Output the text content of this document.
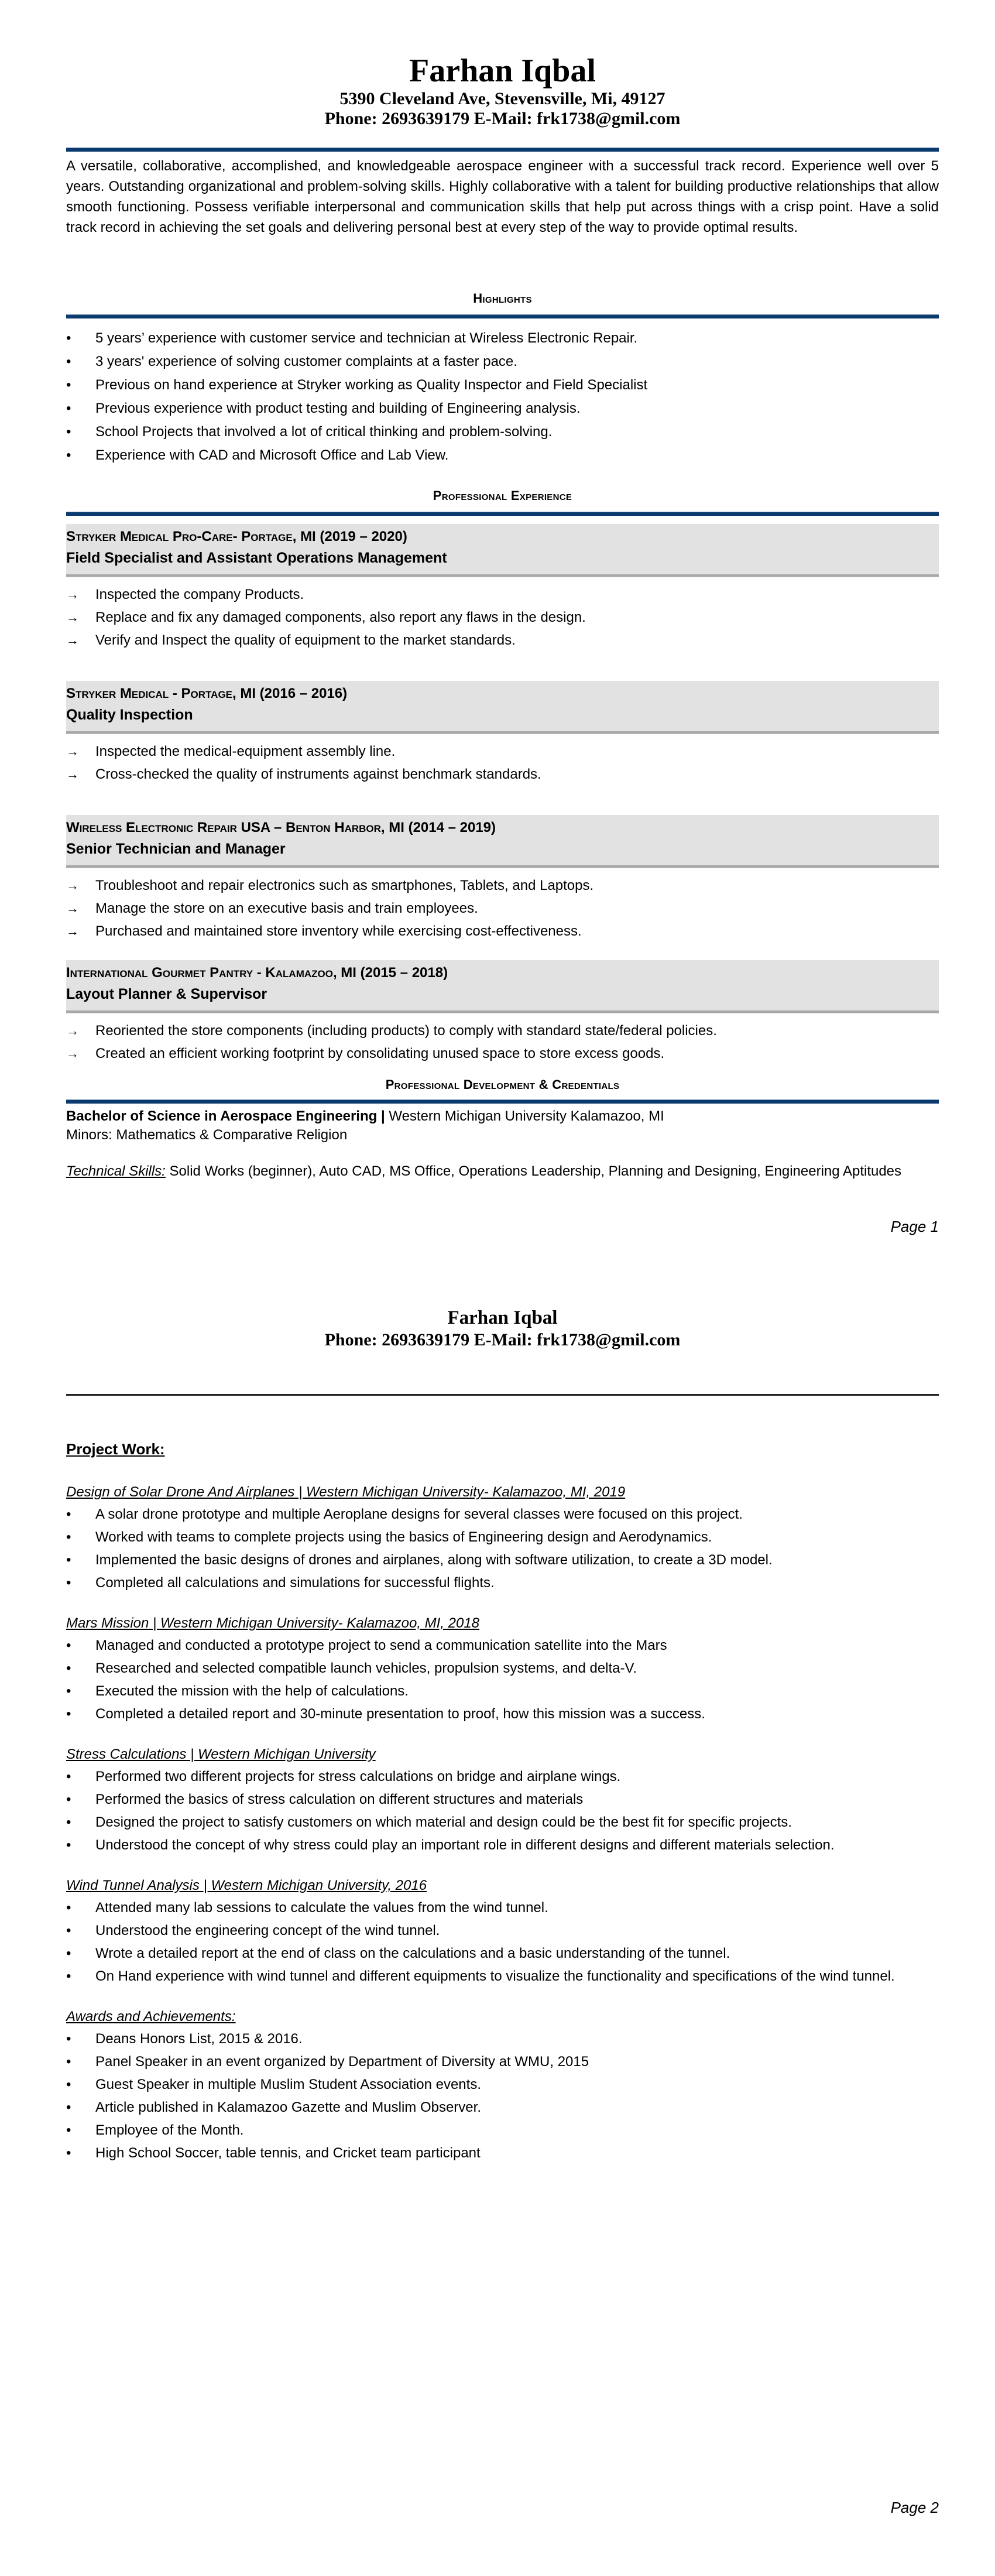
Farhan Iqbal

5390 Cleveland Ave, Stevensville, Mi, 49127

Phone: 2693639179 E-Mail: frk1738@gmil.com

A versatile, collaborative, accomplished, and knowledgeable aerospace engineer with a successful track record. Experience well over 5 years. Outstanding organizational and problem-solving skills. Highly collaborative with a talent for building productive relationships that allow smooth functioning. Possess verifiable interpersonal and communication skills that help put across things with a crisp point. Have a solid track record in achieving the set goals and delivering personal best at every step of the way to provide optimal results.

Highlights
•	5 years’ experience with customer service and technician at Wireless Electronic Repair.
•	3 years' experience of solving customer complaints at a faster pace.
•	Previous on hand experience at Stryker working as Quality Inspector and Field Specialist
•	Previous experience with product testing and building of Engineering analysis.
•	School Projects that involved a lot of critical thinking and problem-solving.
•	Experience with CAD and Microsoft Office and Lab View.
Professional Experience

Stryker Medical Pro-Care- Portage, MI (2019 – 2020)

Field Specialist and Assistant Operations Management

→	Inspected the company Products.
→	Replace and fix any damaged components, also report any flaws in the design.
→	Verify and Inspect the quality of equipment to the market standards.

Stryker Medical - Portage, MI (2016 – 2016)

Quality Inspection

→	Inspected the medical-equipment assembly line.
→	Cross-checked the quality of instruments against benchmark standards.

Wireless Electronic Repair USA – Benton Harbor, MI (2014 – 2019)

Senior Technician and Manager

→	Troubleshoot and repair electronics such as smartphones, Tablets, and Laptops.
→	Manage the store on an executive basis and train employees.
→	Purchased and maintained store inventory while exercising cost-effectiveness.

International Gourmet Pantry - Kalamazoo, MI (2015 – 2018)

Layout Planner & Supervisor

→	Reoriented the store components (including products) to comply with standard state/federal policies.
→	Created an efficient working footprint by consolidating unused space to store excess goods.
Professional Development & Credentials

Bachelor of Science in Aerospace Engineering | Western Michigan University Kalamazoo, MI

Minors: Mathematics & Comparative Religion

Technical Skills: Solid Works (beginner), Auto CAD, MS Office, Operations Leadership, Planning and Designing, Engineering Aptitudes

Page 1

Farhan Iqbal

Phone: 2693639179 E-Mail: frk1738@gmil.com

Project Work:

Design of Solar Drone And Airplanes | Western Michigan University- Kalamazoo, MI, 2019

•	A solar drone prototype and multiple Aeroplane designs for several classes were focused on this project.
•	Worked with teams to complete projects using the basics of Engineering design and Aerodynamics.
•	Implemented the basic designs of drones and airplanes, along with software utilization, to create a 3D model.
•	Completed all calculations and simulations for successful flights.

Mars Mission | Western Michigan University- Kalamazoo, MI, 2018

•	Managed and conducted a prototype project to send a communication satellite into the Mars
•	Researched and selected compatible launch vehicles, propulsion systems, and delta-V.
•	Executed the mission with the help of calculations.
•	Completed a detailed report and 30-minute presentation to proof, how this mission was a success.

Stress Calculations | Western Michigan University

•	Performed two different projects for stress calculations on bridge and airplane wings.
•	Performed the basics of stress calculation on different structures and materials
•	Designed the project to satisfy customers on which material and design could be the best fit for specific projects.
•	Understood the concept of why stress could play an important role in different designs and different materials selection.

Wind Tunnel Analysis | Western Michigan University, 2016

•	Attended many lab sessions to calculate the values from the wind tunnel.
•	Understood the engineering concept of the wind tunnel.
•	Wrote a detailed report at the end of class on the calculations and a basic understanding of the tunnel.
•	On Hand experience with wind tunnel and different equipments to visualize the functionality and specifications of the wind tunnel.

Awards and Achievements:

•	Deans Honors List, 2015 & 2016.
•	Panel Speaker in an event organized by Department of Diversity at WMU, 2015
•	Guest Speaker in multiple Muslim Student Association events.
•	Article published in Kalamazoo Gazette and Muslim Observer.
•	Employee of the Month.
•	High School Soccer, table tennis, and Cricket team participant
Page 2
